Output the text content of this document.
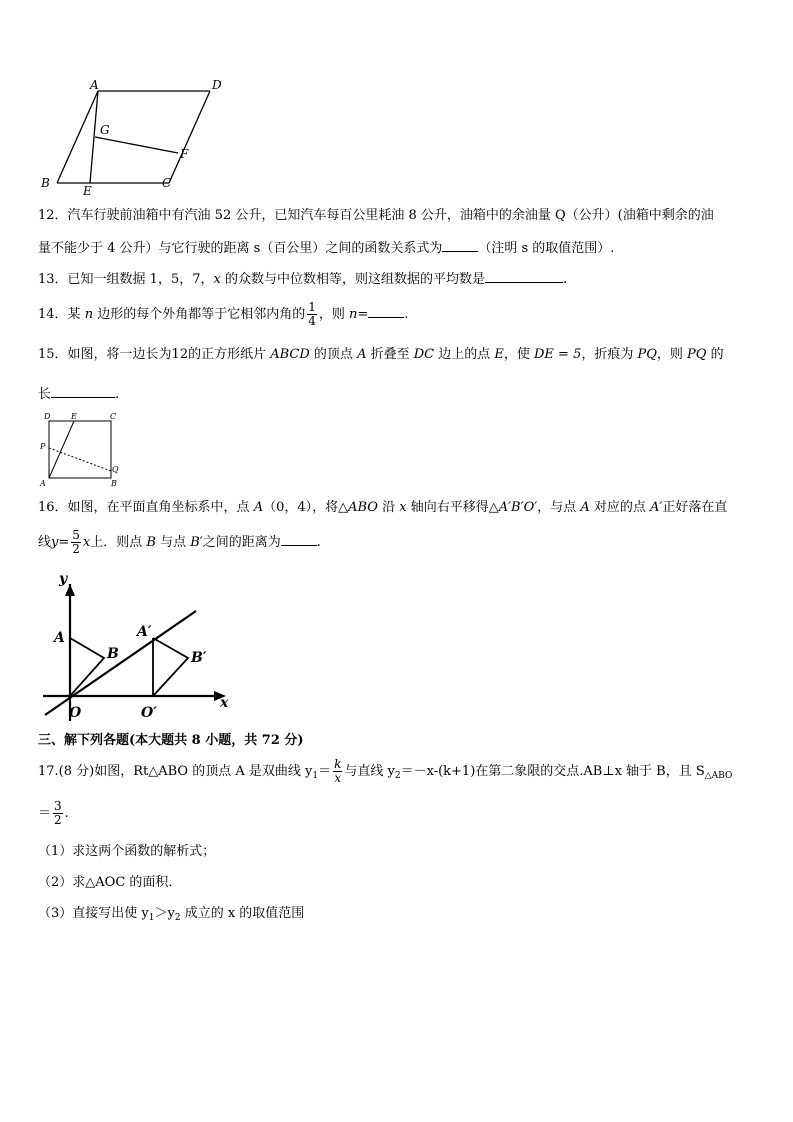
A	D
G
F
B
E
C
12．汽车行驶前油箱中有汽油 52 公升，已知汽车每百公里耗油 8 公升，油箱中的余油量 Q（公升）(油箱中剩余的油
量不能少于 4 公升）与它行驶的距离 s（百公里）之间的函数关系式为	（注明 s 的取值范围）.
13．已知一组数据 1，5，7，x 的众数与中位数相等，则这组数据的平均数是	.
14．某 n 边形的每个外角都等于它相邻内角的 $\frac{1}{4}$ ，则 n=	.
15．如图，将一边长为12的正方形纸片 ABCD 的顶点 A 折叠至 DC 边上的点 E，使 DE = 5，折痕为 PQ，则 PQ 的
长	.
D	E	C
P
Q
A	B
16．如图，在平面直角坐标系中，点 A（0，4），将△ABO 沿 x 轴向右平移得△A′B′O′，与点 A 对应的点 A′正好落在直
线$y= \frac{5}{2}$ x上．则点 B 与点 B′之间的距离为	.
y
x
A
B
A′
B′
O	O′
三、解下列各题(本大题共 8 小题，共 72 分)
17.(8 分)如图，Rt△ABO 的顶点 A 是双曲线 $y_1= \frac{k}{x}$ 与直线 $y_2=-x-(k+1)$在第二象限的交点.AB⊥x 轴于 B，且 $S_{\triangle ABO}$
＝ $\frac{3}{2}$ .
（1）求这两个函数的解析式；
（2）求△AOC 的面积．
（3）直接写出使 $y_1>y_2$ 成立的 x 的取值范围
